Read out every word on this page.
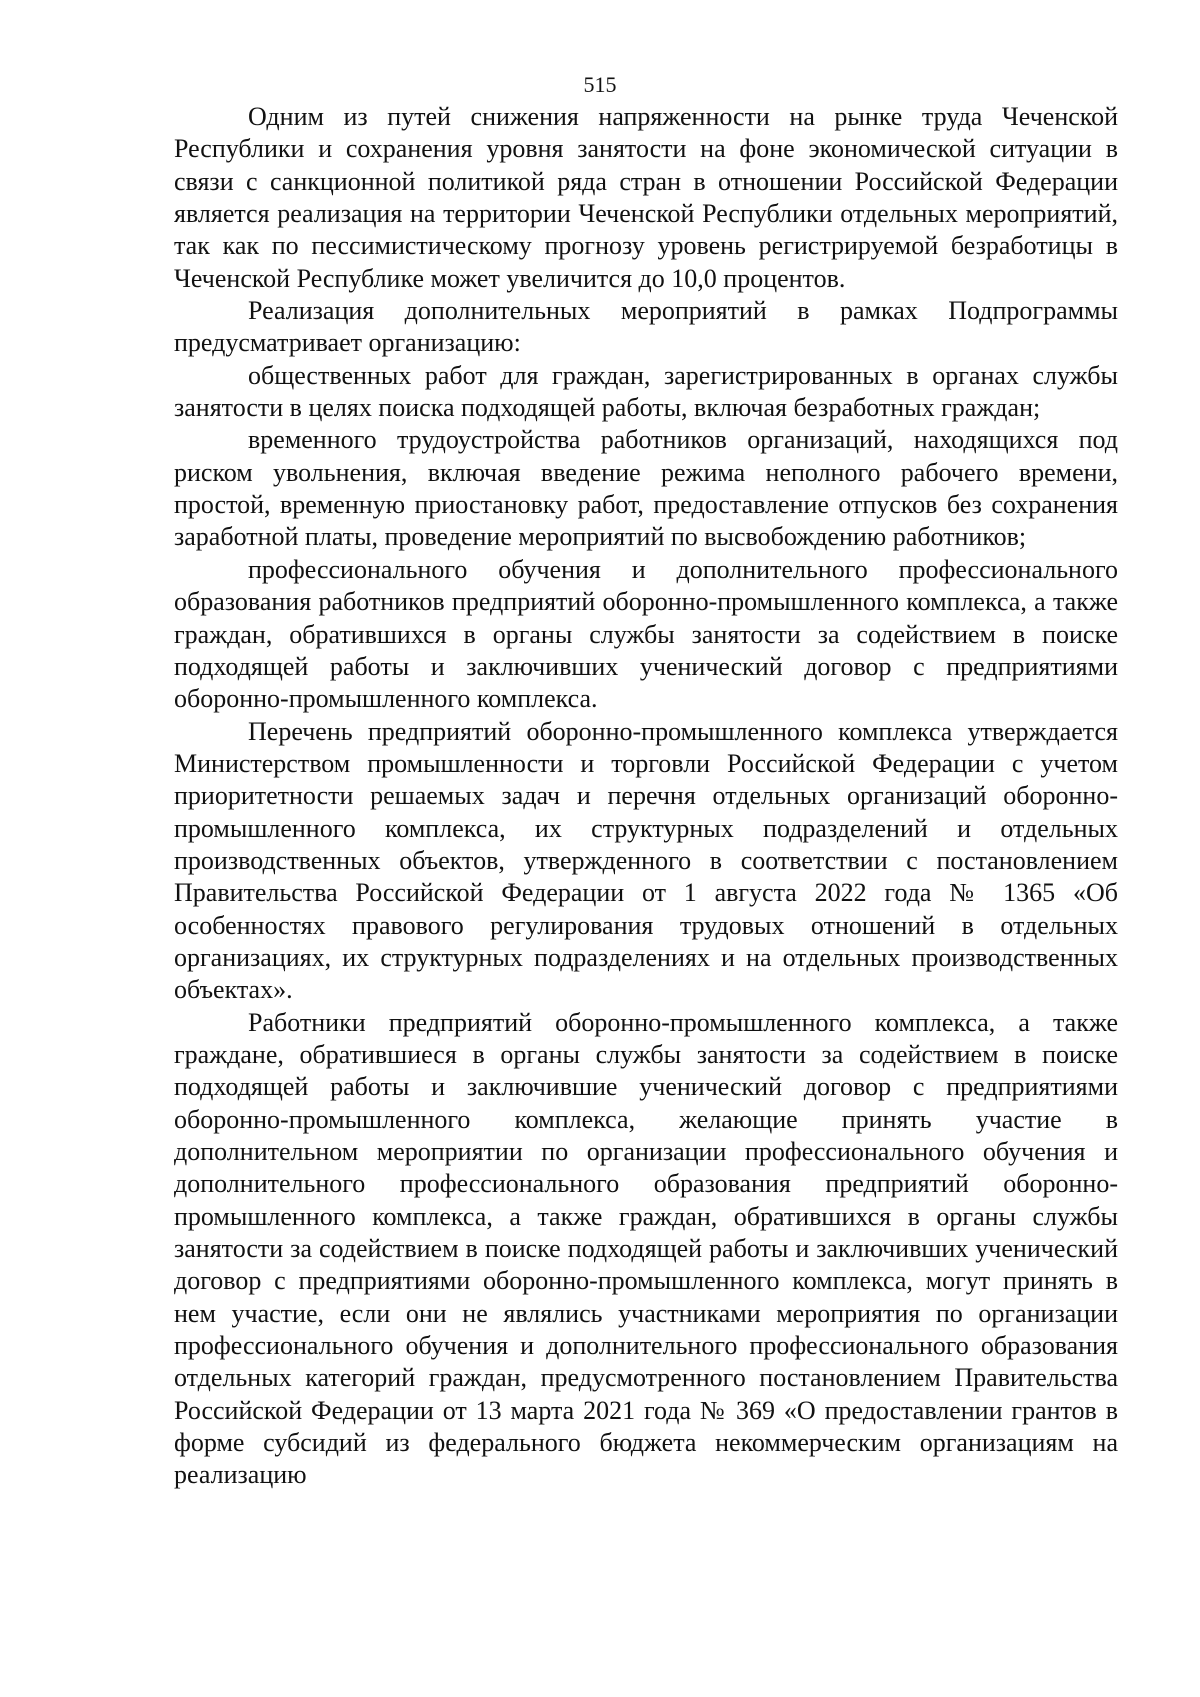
515

Одним из путей снижения напряженности на рынке труда Чеченской Республики и сохранения уровня занятости на фоне экономической ситуации в связи с санкционной политикой ряда стран в отношении Российской Федерации является реализация на территории Чеченской Республики отдельных мероприятий, так как по пессимистическому прогнозу уровень регистрируемой безработицы в Чеченской Республике может увеличится до 10,0 процентов.

Реализация дополнительных мероприятий в рамках Подпрограммы предусматривает организацию:

общественных работ для граждан, зарегистрированных в органах службы занятости в целях поиска подходящей работы, включая безработных граждан;

временного трудоустройства работников организаций, находящихся под риском увольнения, включая введение режима неполного рабочего времени, простой, временную приостановку работ, предоставление отпусков без сохранения заработной платы, проведение мероприятий по высвобождению работников;

профессионального обучения и дополнительного профессионального образования работников предприятий оборонно-промышленного комплекса, а также граждан, обратившихся в органы службы занятости за содействием в поиске подходящей работы и заключивших ученический договор с предприятиями оборонно-промышленного комплекса.

Перечень предприятий оборонно-промышленного комплекса утверждается Министерством промышленности и торговли Российской Федерации с учетом приоритетности решаемых задач и перечня отдельных организаций оборонно-промышленного комплекса, их структурных подразделений и отдельных производственных объектов, утвержденного в соответствии с постановлением Правительства Российской Федерации от 1 августа 2022 года № 1365 «Об особенностях правового регулирования трудовых отношений в отдельных организациях, их структурных подразделениях и на отдельных производственных объектах».

Работники предприятий оборонно-промышленного комплекса, а также граждане, обратившиеся в органы службы занятости за содействием в поиске подходящей работы и заключившие ученический договор с предприятиями оборонно-промышленного комплекса, желающие принять участие в дополнительном мероприятии по организации профессионального обучения и дополнительного профессионального образования предприятий оборонно-промышленного комплекса, а также граждан, обратившихся в органы службы занятости за содействием в поиске подходящей работы и заключивших ученический договор с предприятиями оборонно-промышленного комплекса, могут принять в нем участие, если они не являлись участниками мероприятия по организации профессионального обучения и дополнительного профессионального образования отдельных категорий граждан, предусмотренного постановлением Правительства Российской Федерации от 13 марта 2021 года № 369 «О предоставлении грантов в форме субсидий из федерального бюджета некоммерческим организациям на реализацию
